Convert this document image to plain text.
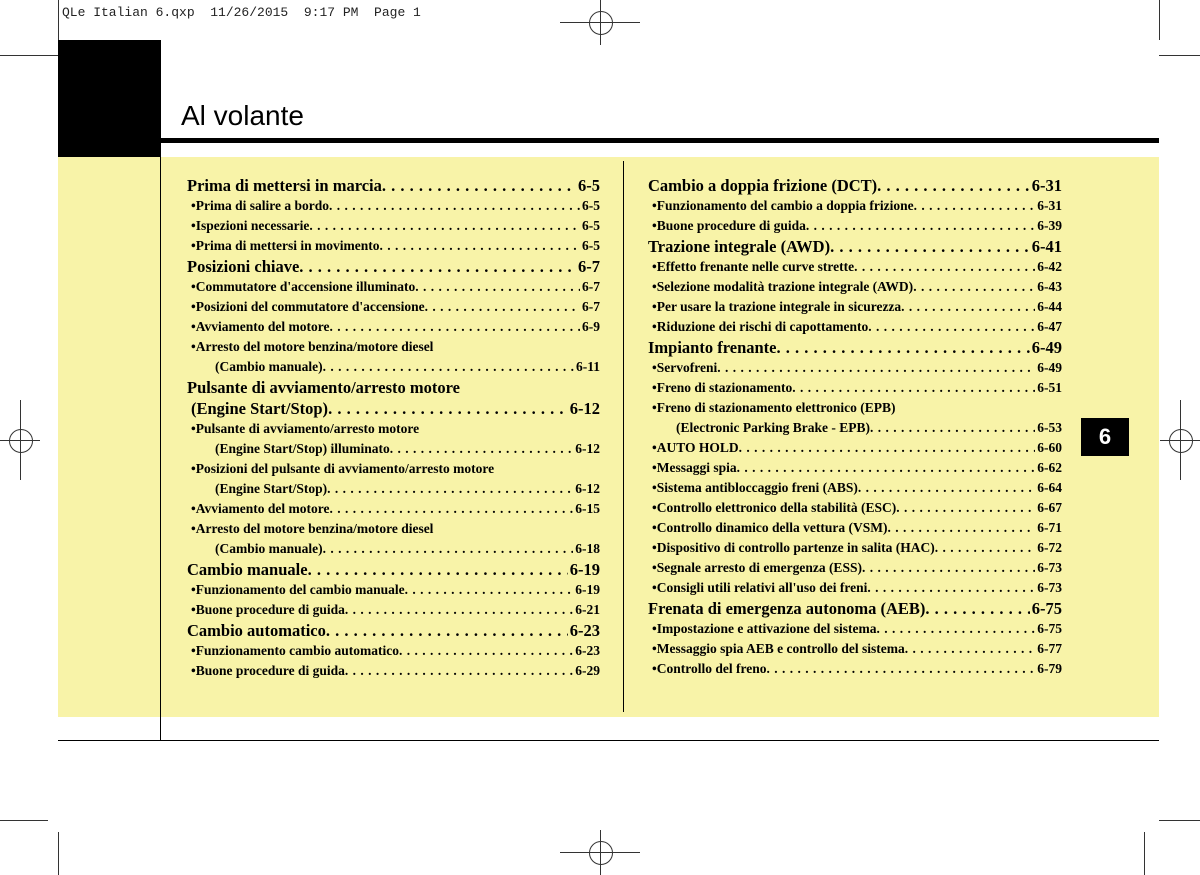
QLe Italian 6.qxp  11/26/2015  9:17 PM  Page 1
Al volante
6
Prima di mettersi in marcia . . .	6-5
• Prima di salire a bordo . . .	6-5
• Ispezioni necessarie . . .	6-5
• Prima di mettersi in movimento . . .	6-5
Posizioni chiave . . .	6-7
• Commutatore d'accensione illuminato . . .	6-7
• Posizioni del commutatore d'accensione . . .	6-7
• Avviamento del motore . . .	6-9
• Arresto del motore benzina/motore diesel
(Cambio manuale) . . .	6-11
Pulsante di avviamento/arresto motore
(Engine Start/Stop) . . .	6-12
• Pulsante di avviamento/arresto motore
(Engine Start/Stop) illuminato . . .	6-12
• Posizioni del pulsante di avviamento/arresto motore
(Engine Start/Stop) . . .	6-12
• Avviamento del motore . . .	6-15
• Arresto del motore benzina/motore diesel
(Cambio manuale) . . .	6-18
Cambio manuale . . .	6-19
• Funzionamento del cambio manuale . . .	6-19
• Buone procedure di guida . . .	6-21
Cambio automatico . . .	6-23
• Funzionamento cambio automatico . . .	6-23
• Buone procedure di guida . . .	6-29
Cambio a doppia frizione (DCT) . . .	6-31
• Funzionamento del cambio a doppia frizione . . .	6-31
• Buone procedure di guida . . .	6-39
Trazione integrale (AWD) . . .	6-41
• Effetto frenante nelle curve strette . . .	6-42
• Selezione modalità trazione integrale (AWD) . . .	6-43
• Per usare la trazione integrale in sicurezza . . .	6-44
• Riduzione dei rischi di capottamento . . .	6-47
Impianto frenante . . .	6-49
• Servofreni . . .	6-49
• Freno di stazionamento . . .	6-51
• Freno di stazionamento elettronico (EPB)
(Electronic Parking Brake - EPB) . . .	6-53
• AUTO HOLD . . .	6-60
• Messaggi spia . . .	6-62
• Sistema antibloccaggio freni (ABS) . . .	6-64
• Controllo elettronico della stabilità (ESC) . . .	6-67
• Controllo dinamico della vettura (VSM) . . .	6-71
• Dispositivo di controllo partenze in salita (HAC) . . .	6-72
• Segnale arresto di emergenza (ESS) . . .	6-73
• Consigli utili relativi all'uso dei freni . . .	6-73
Frenata di emergenza autonoma (AEB) . . .	6-75
• Impostazione e attivazione del sistema . . .	6-75
• Messaggio spia AEB e controllo del sistema . . .	6-77
• Controllo del freno . . .	6-79
